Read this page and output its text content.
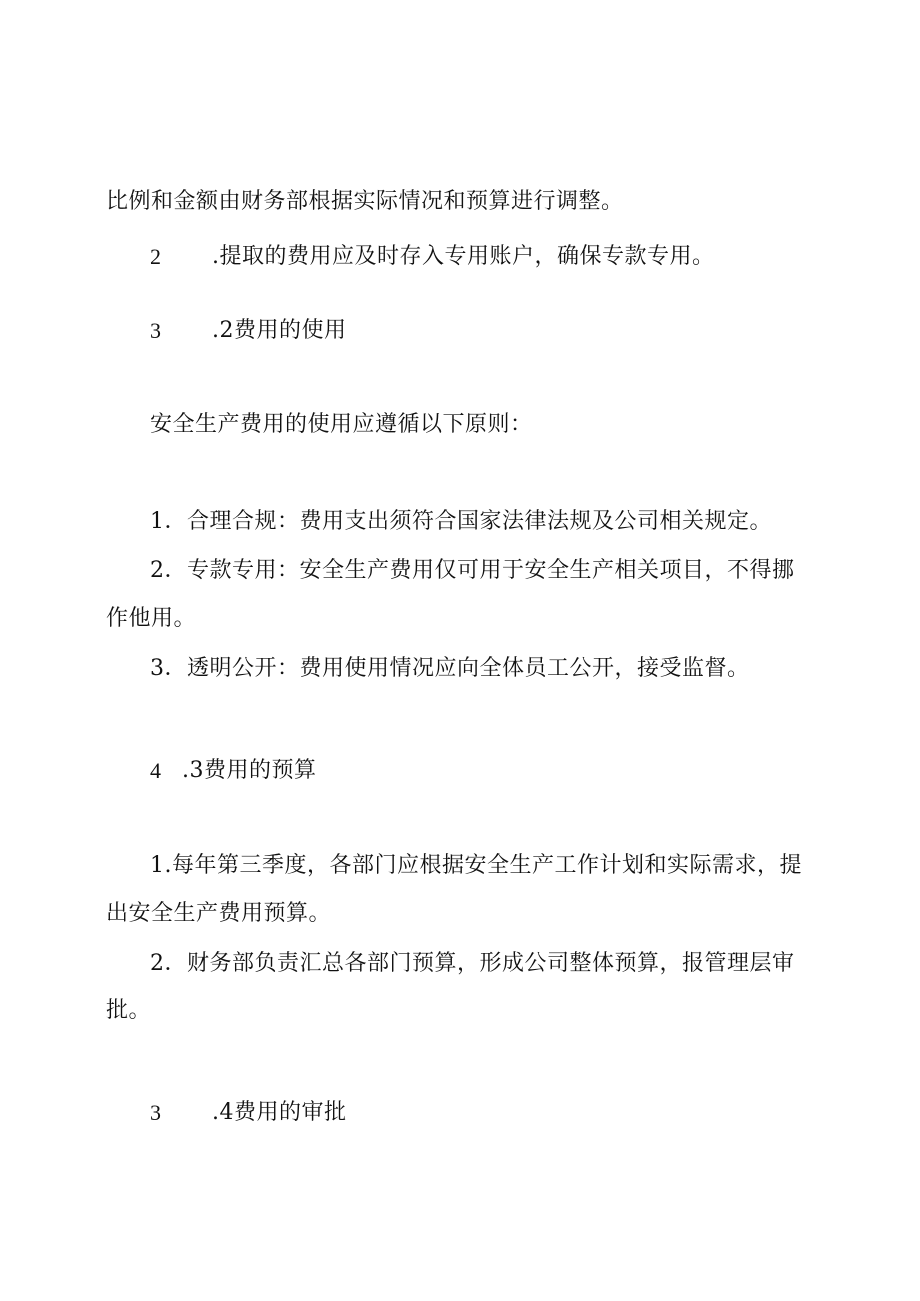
比例和金额由财务部根据实际情况和预算进行调整。
2 .提取的费用应及时存入专用账户，确保专款专用。
3 .2费用的使用
安全生产费用的使用应遵循以下原则：
1．合理合规：费用支出须符合国家法律法规及公司相关规定。
2．专款专用：安全生产费用仅可用于安全生产相关项目，不得挪
作他用。
3．透明公开：费用使用情况应向全体员工公开，接受监督。
4 .3费用的预算
1.每年第三季度，各部门应根据安全生产工作计划和实际需求，提
出安全生产费用预算。
2．财务部负责汇总各部门预算，形成公司整体预算，报管理层审
批。
3 .4费用的审批
